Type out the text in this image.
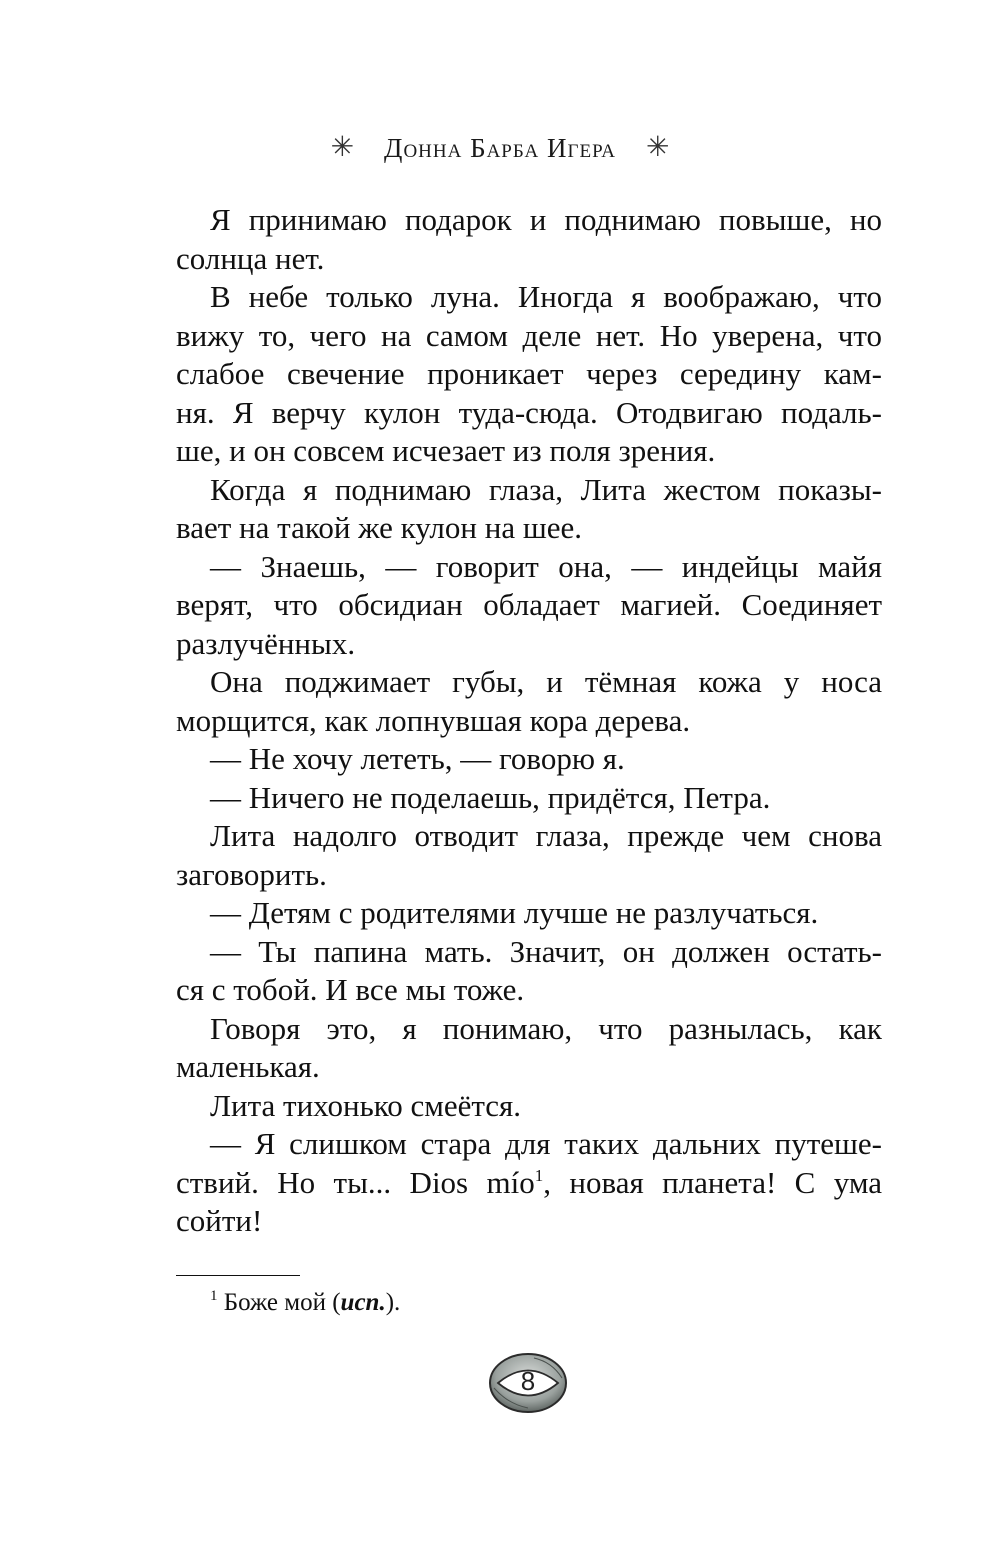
✳ Донна Барба Игера ✳

Я принимаю подарок и поднимаю повыше, но
солнца нет.

В небе только луна. Иногда я воображаю, что
вижу то, чего на самом деле нет. Но уверена, что
слабое свечение проникает через середину кам-
ня. Я верчу кулон туда-сюда. Отодвигаю подаль-
ше, и он совсем исчезает из поля зрения.

Когда я поднимаю глаза, Лита жестом показы-
вает на такой же кулон на шее.

— Знаешь, — говорит она, — индейцы майя
верят, что обсидиан обладает магией. Соединяет
разлучённых.

Она поджимает губы, и тёмная кожа у носа
морщится, как лопнувшая кора дерева.

— Не хочу лететь, — говорю я.

— Ничего не поделаешь, придётся, Петра.

Лита надолго отводит глаза, прежде чем снова
заговорить.

— Детям с родителями лучше не разлучаться.

— Ты папина мать. Значит, он должен остать-
ся с тобой. И все мы тоже.

Говоря это, я понимаю, что разнылась, как
маленькая.

Лита тихонько смеётся.

— Я слишком стара для таких дальних путеше-
ствий. Но ты... Dios mío$^1$, новая планета! С ума
сойти!

$^1$ Боже мой (исп.).
8
